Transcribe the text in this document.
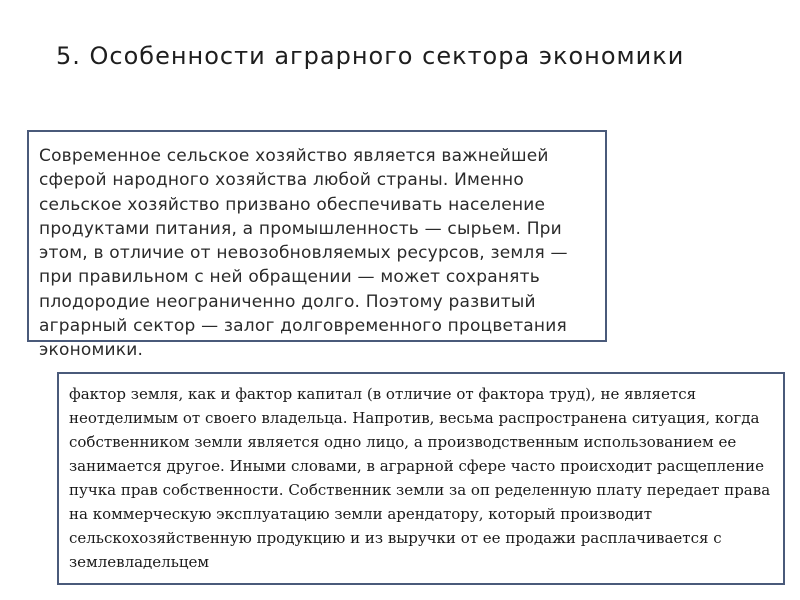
5. Особенности аграрного сектора экономики

Современное сельское хозяйство является важнейшей сферой народного хозяйства любой страны. Именно сельское хозяйство призвано обеспечивать население продуктами питания, а промышленность — сырьем. При этом, в отличие от невозобновляемых ресурсов, земля — при правильном с ней обращении — может сохранять плодородие неограниченно долго. Поэтому развитый аграрный сектор — залог долговременного процветания экономики.

фактор земля, как и фактор капитал (в отличие от фактора труд), не является неотделимым от своего владельца. Напротив, весьма распространена ситуация, когда собственником земли является одно лицо, а производственным использованием ее занимается другое. Иными словами, в аграрной сфере часто происходит расщепление пучка прав собственности. Собственник земли за оп ределенную плату передает права на коммерческую эксплуатацию земли арендатору, который производит сельскохозяйственную продукцию и из выручки от ее продажи расплачивается с землевладельцем
